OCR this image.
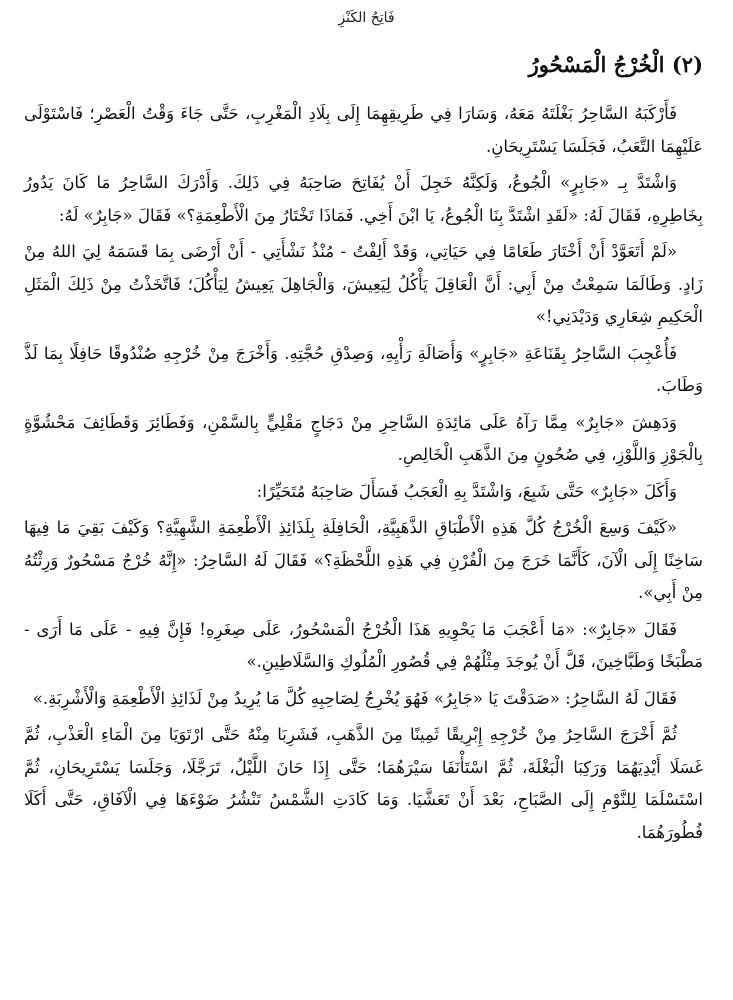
فَاتِحُ الكَنْزِ
(٢) الْخُرْجُ الْمَسْحُورُ

فَأَرْكَبَهُ السَّاحِرُ بَغْلَتَهُ مَعَهُ، وَسَارَا فِي طَرِيقِهِمَا إِلَى بِلَادِ الْمَغْرِبِ، حَتَّى جَاءَ وَقْتُ الْعَصْرِ؛ فَاسْتَوْلَى عَلَيْهِمَا التَّعَبُ، فَجَلَسَا يَسْتَرِيحَانِ.

وَاشْتَدَّ بِـ «جَابِرٍ» الْجُوعُ، وَلَكِنَّهُ خَجِلَ أَنْ يُفَاتِحَ صَاحِبَهُ فِي ذَلِكَ. وَأَدْرَكَ السَّاحِرُ مَا كَانَ يَدُورُ بِخَاطِرِهِ، فَقَالَ لَهُ: «لَقَدِ اشْتَدَّ بِنَا الْجُوعُ، يَا ابْنَ أَخِي. فَمَاذَا تَخْتَارُ مِنَ الْأَطْعِمَةِ؟» فَقَالَ «جَابِرٌ» لَهُ:

«لَمْ أَتَعَوَّدْ أَنْ أَخْتَارَ طَعَامًا فِي حَيَاتِي، وَقَدْ أَلِفْتُ - مُنْذُ نَشْأَتِي - أَنْ أَرْضَى بِمَا قَسَمَهُ لِيَ اللهُ مِنْ زَادٍ. وَطَالَمَا سَمِعْتُ مِنْ أَبِي: أَنَّ الْعَاقِلَ يَأْكُلُ لِيَعِيشَ، وَالْجَاهِلَ يَعِيشُ لِيَأْكُلَ؛ فَاتَّخَذْتُ مِنْ ذَلِكَ الْمَثَلِ الْحَكِيمِ شِعَارِي وَدَيْدَنِي!»

فَأُعْجِبَ السَّاحِرُ بِقَنَاعَةِ «جَابِرٍ» وَأَصَالَةِ رَأْيِهِ، وَصِدْقِ حُجَّتِهِ. وَأَخْرَجَ مِنْ خُرْجِهِ صُنْدُوقًا حَافِلًا بِمَا لَذَّ وَطَابَ.

وَدَهِشَ «جَابِرٌ» مِمَّا رَآهُ عَلَى مَائِدَةِ السَّاحِرِ مِنْ دَجَاجٍ مَقْلِيٍّ بِالسَّمْنِ، وَفَطَائِرَ وَقَطَائِفَ مَحْشُوَّةٍ بِالْجَوْزِ وَاللَّوْزِ، فِي صُحُونٍ مِنَ الذَّهَبِ الْخَالِصِ.

وَأَكَلَ «جَابِرٌ» حَتَّى شَبِعَ، وَاشْتَدَّ بِهِ الْعَجَبُ فَسَأَلَ صَاحِبَهُ مُتَحَيِّرًا:

«كَيْفَ وَسِعَ الْخُرْجُ كُلَّ هَذِهِ الْأَطْبَاقِ الذَّهَبِيَّةِ، الْحَافِلَةِ بِلَذَائِذِ الْأَطْعِمَةِ الشَّهِيَّةِ؟ وَكَيْفَ بَقِيَ مَا فِيهَا سَاخِنًا إِلَى الْآنَ، كَأَنَّمَا خَرَجَ مِنَ الْفُرْنِ فِي هَذِهِ اللَّحْظَةِ؟» فَقَالَ لَهُ السَّاحِرُ: «إِنَّهُ خُرْجٌ مَسْحُورٌ وَرِثْتُهُ مِنْ أَبِي».

فَقَالَ «جَابِرٌ»: «مَا أَعْجَبَ مَا يَحْوِيهِ هَذَا الْخُرْجُ الْمَسْحُورُ، عَلَى صِغَرِهِ! فَإِنَّ فِيهِ - عَلَى مَا أَرَى - مَطْبَخًا وَطَبَّاخِينَ، قَلَّ أَنْ يُوجَدَ مِثْلُهُمْ فِي قُصُورِ الْمُلُوكِ وَالسَّلَاطِينِ.»

فَقَالَ لَهُ السَّاحِرُ: «صَدَقْتَ يَا «جَابِرُ» فَهُوَ يُخْرِجُ لِصَاحِبِهِ كُلَّ مَا يُرِيدُ مِنْ لَذَائِذِ الْأَطْعِمَةِ وَالْأَشْرِبَةِ.»

ثُمَّ أَخْرَجَ السَّاحِرُ مِنْ خُرْجِهِ إِبْرِيقًا ثَمِينًا مِنَ الذَّهَبِ، فَشَرِبَا مِنْهُ حَتَّى ارْتَوَيَا مِنَ الْمَاءِ الْعَذْبِ، ثُمَّ غَسَلَا أَيْدِيَهُمَا وَرَكِبَا الْبَغْلَةَ، ثُمَّ اسْتَأْنَفَا سَيْرَهُمَا؛ حَتَّى إِذَا حَانَ اللَّيْلُ، تَرَجَّلَا، وَجَلَسَا يَسْتَرِيحَانِ، ثُمَّ اسْتَسْلَمَا لِلنَّوْمِ إِلَى الصَّبَاحِ، بَعْدَ أَنْ تَعَشَّيَا. وَمَا كَادَتِ الشَّمْسُ تَنْشُرُ ضَوْءَهَا فِي الْآفَاقِ، حَتَّى أَكَلَا فُطُورَهُمَا.
